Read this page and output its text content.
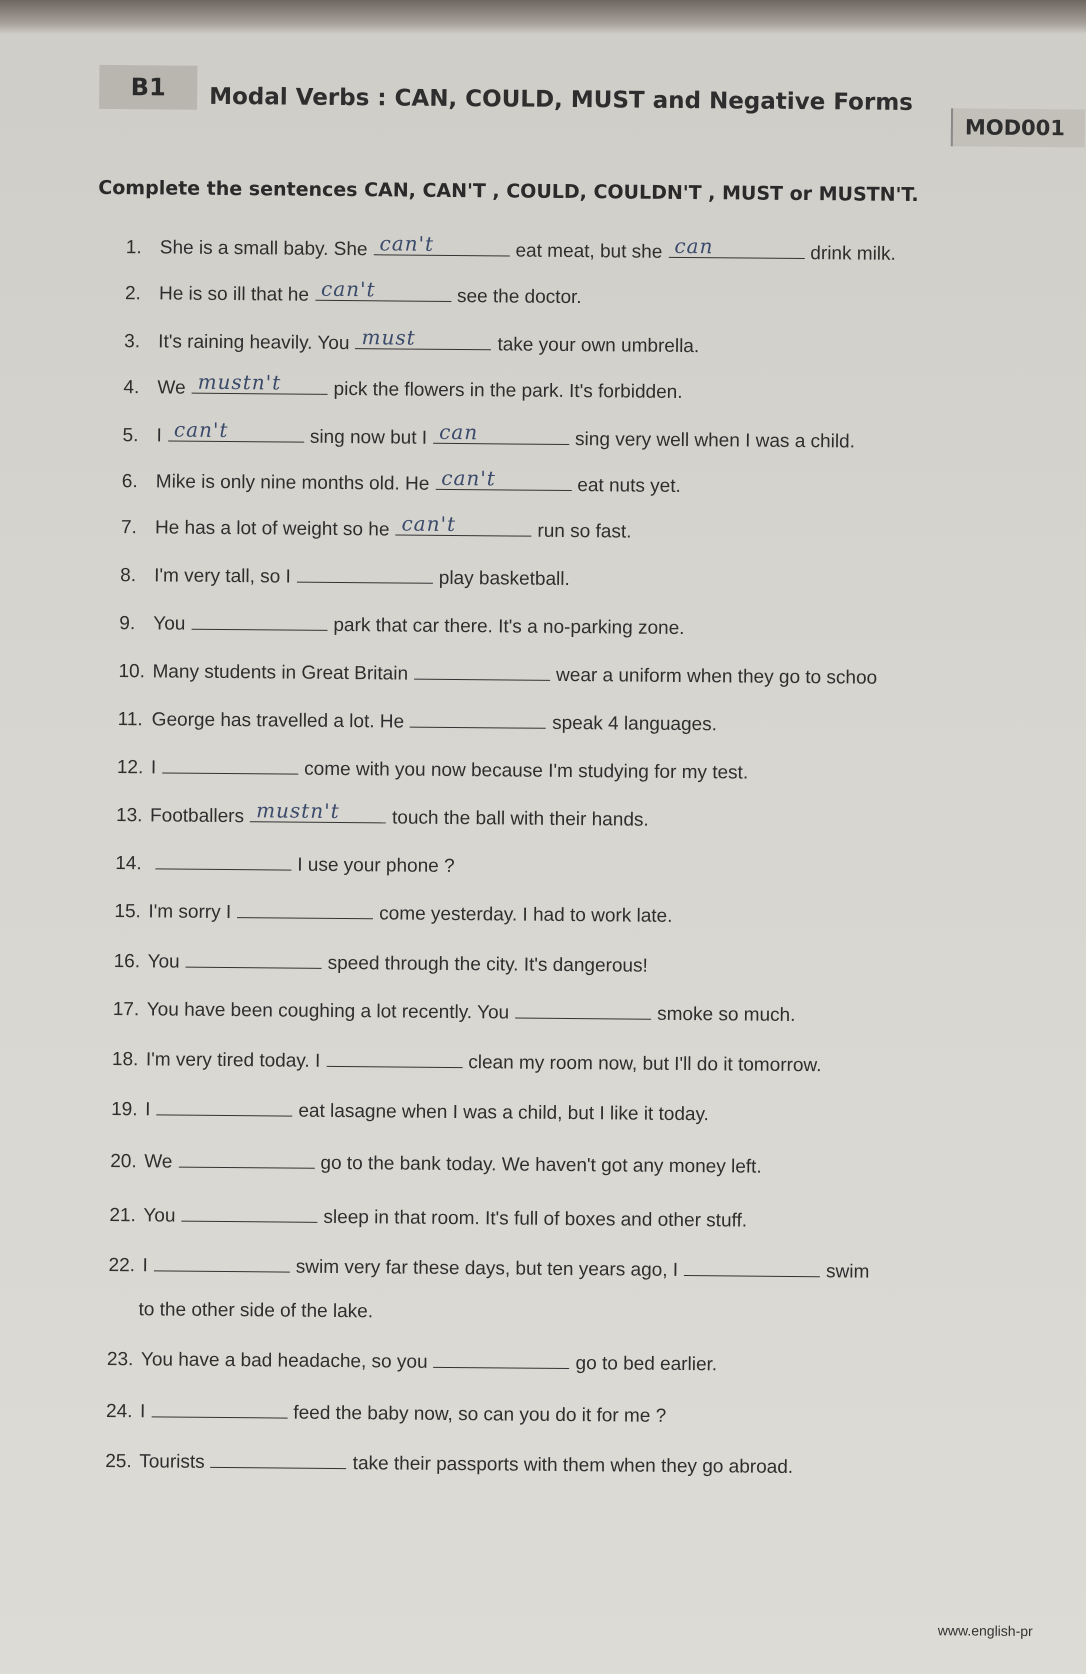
B1	Modal Verbs : CAN, COULD, MUST and Negative Forms
MOD001
Complete the sentences CAN, CAN'T , COULD, COULDN'T , MUST or MUSTN'T.
1. She is a small baby. She can't	eat meat, but she can	drink milk.
2. He is so ill that he can't	see the doctor.
3. It's raining heavily. You must	take your own umbrella.
4. We mustn't	pick the flowers in the park. It's forbidden.
5. I can't	sing now but I can	sing very well when I was a child.
6. Mike is only nine months old. He can't	eat nuts yet.
7. He has a lot of weight so he can't	run so fast.
8. I'm very tall, so I	play basketball.
9. You	park that car there. It's a no-parking zone.
10. Many students in Great Britain	wear a uniform when they go to schoo
11. George has travelled a lot. He	speak 4 languages.
12. I	come with you now because I'm studying for my test.
13. Footballers mustn't	touch the ball with their hands.
14.	I use your phone ?
15. I'm sorry I	come yesterday. I had to work late.
16. You	speed through the city. It's dangerous!
17. You have been coughing a lot recently. You	smoke so much.
18. I'm very tired today. I	clean my room now, but I'll do it tomorrow.
19. I	eat lasagne when I was a child, but I like it today.
20. We	go to the bank today. We haven't got any money left.
21. You	sleep in that room. It's full of boxes and other stuff.
22. I	swim very far these days, but ten years ago, I	swim
to the other side of the lake.
23. You have a bad headache, so you	go to bed earlier.
24. I	feed the baby now, so can you do it for me ?
25. Tourists	take their passports with them when they go abroad.
www.english-pr
